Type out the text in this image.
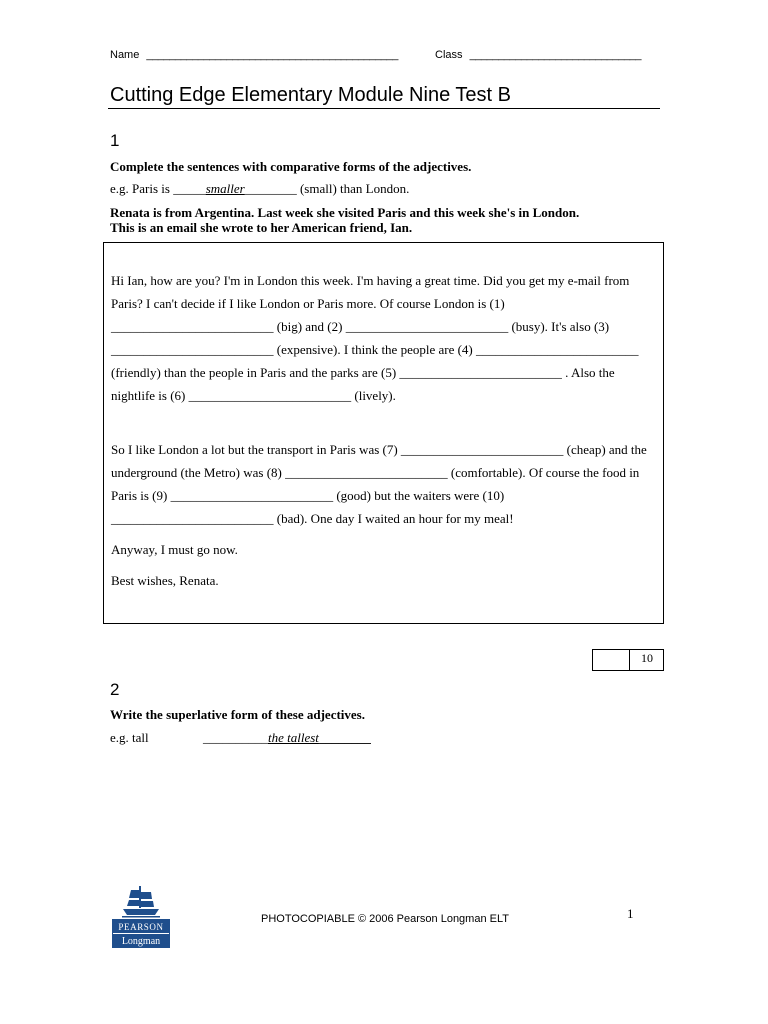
Name ____________________________________________	Class ______________________________
Cutting Edge Elementary Module Nine Test B
1
Complete the sentences with comparative forms of the adjectives.
e.g. Paris is _____smaller________ (small) than London.
Renata is from Argentina. Last week she visited Paris and this week she's in London.
This is an email she wrote to her American friend, Ian.
Hi Ian, how are you? I'm in London this week. I'm having a great time. Did you get my e-mail from Paris? I can't decide if I like London or Paris more. Of course London is (1) _________________________ (big) and (2) _________________________ (busy). It's also (3) _________________________ (expensive). I think the people are (4) _________________________ (friendly) than the people in Paris and the parks are (5) _________________________ . Also the nightlife is (6) _________________________ (lively).
So I like London a lot but the transport in Paris was (7) _________________________ (cheap) and the underground (the Metro) was (8) _________________________ (comfortable). Of course the food in Paris is (9) _________________________ (good) but the waiters were (10) _________________________ (bad). One day I waited an hour for my meal!
Anyway, I must go now.
Best wishes, Renata.
10
2
Write the superlative form of these adjectives.
e.g. tall	__________the tallest________
PEARSON
Longman
PHOTOCOPIABLE © 2006 Pearson Longman ELT	1
